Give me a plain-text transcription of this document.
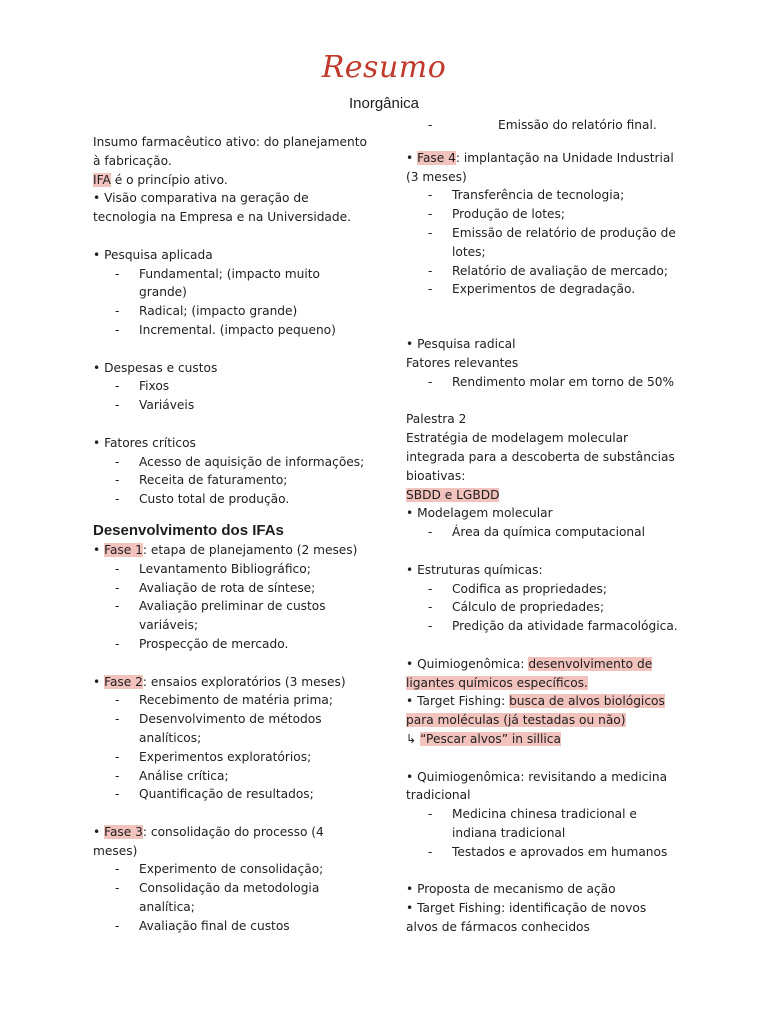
Resumo
Inorgânica

Insumo farmacêutico ativo: do planejamento à fabricação.

IFA é o princípio ativo.

• Visão comparativa na geração de tecnologia na Empresa e na Universidade.

• Pesquisa aplicada

- Fundamental; (impacto muito grande)
- Radical; (impacto grande)
- Incremental. (impacto pequeno)

• Despesas e custos

- Fixos
- Variáveis

• Fatores críticos

- Acesso de aquisição de informações;
- Receita de faturamento;
- Custo total de produção.
Desenvolvimento dos IFAs

• Fase 1: etapa de planejamento (2 meses)

- Levantamento Bibliográfico;
- Avaliação de rota de síntese;
- Avaliação preliminar de custos variáveis;
- Prospecção de mercado.

• Fase 2: ensaios exploratórios (3 meses)

- Recebimento de matéria prima;
- Desenvolvimento de métodos analíticos;
- Experimentos exploratórios;
- Análise crítica;
- Quantificação de resultados;

• Fase 3: consolidação do processo (4 meses)

- Experimento de consolidação;
- Consolidação da metodologia analítica;
- Avaliação final de custos
- Emissão do relatório final.

• Fase 4: implantação na Unidade Industrial (3 meses)

- Transferência de tecnologia;
- Produção de lotes;
- Emissão de relatório de produção de lotes;
- Relatório de avaliação de mercado;
- Experimentos de degradação.

• Pesquisa radical

Fatores relevantes

- Rendimento molar em torno de 50%

Palestra 2

Estratégia de modelagem molecular integrada para a descoberta de substâncias bioativas:

SBDD e LGBDD

• Modelagem molecular

- Área da química computacional

• Estruturas químicas:

- Codifica as propriedades;
- Cálculo de propriedades;
- Predição da atividade farmacológica.

• Quimiogenômica: desenvolvimento de ligantes químicos específicos.

• Target Fishing: busca de alvos biológicos para moléculas (já testadas ou não)

↳ “Pescar alvos” in sillica

• Quimiogenômica: revisitando a medicina tradicional

- Medicina chinesa tradicional e indiana tradicional
- Testados e aprovados em humanos

• Proposta de mecanismo de ação

• Target Fishing: identificação de novos alvos de fármacos conhecidos
